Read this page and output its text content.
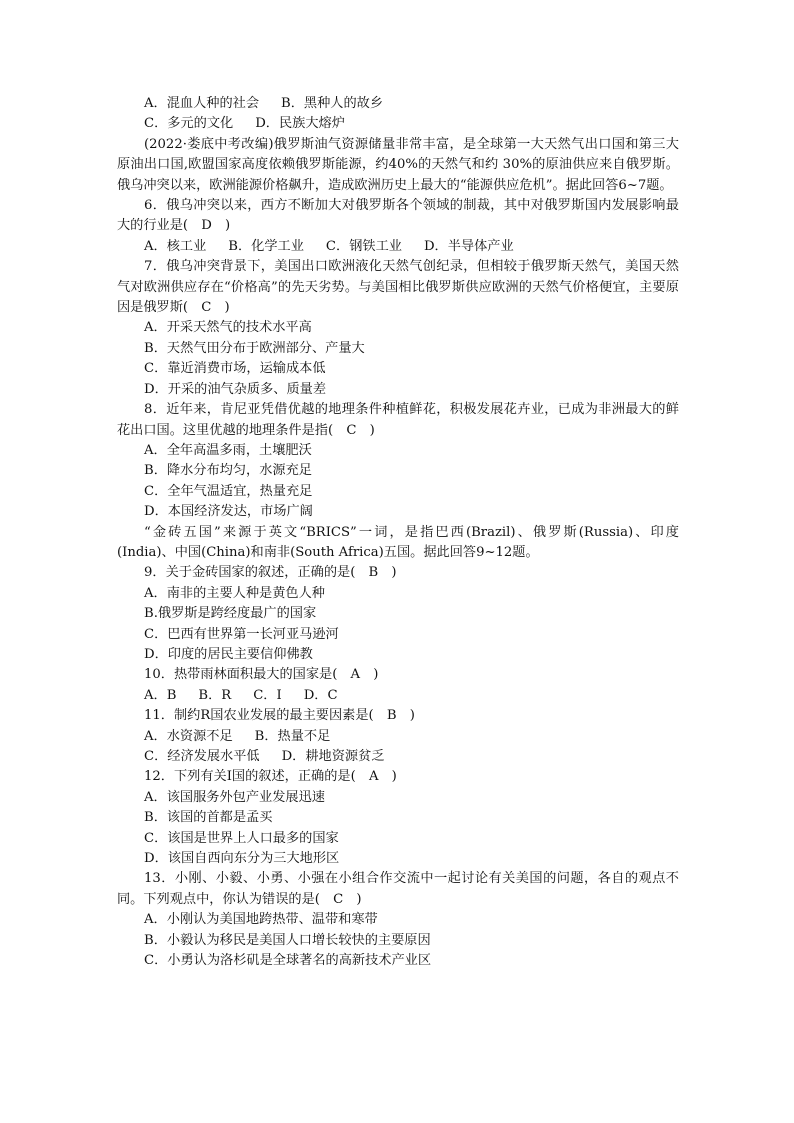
A．混血人种的社会 B．黑种人的故乡
C．多元的文化 D．民族大熔炉
(2022·娄底中考改编)俄罗斯油气资源储量非常丰富，是全球第一大天然气出口国和第三大原油出口国,欧盟国家高度依赖俄罗斯能源，约40%的天然气和约 30%的原油供应来自俄罗斯。俄乌冲突以来，欧洲能源价格飙升，造成欧洲历史上最大的“能源供应危机”。据此回答6~7题。
6．俄乌冲突以来，西方不断加大对俄罗斯各个领域的制裁，其中对俄罗斯国内发展影响最大的行业是(　D　)
A．核工业 B．化学工业 C．钢铁工业 D．半导体产业
7．俄乌冲突背景下，美国出口欧洲液化天然气创纪录，但相较于俄罗斯天然气，美国天然气对欧洲供应存在“价格高”的先天劣势。与美国相比俄罗斯供应欧洲的天然气价格便宜，主要原因是俄罗斯(　C　)
A．开采天然气的技术水平高
B．天然气田分布于欧洲部分、产量大
C．靠近消费市场，运输成本低
D．开采的油气杂质多、质量差
8．近年来，肯尼亚凭借优越的地理条件种植鲜花，积极发展花卉业，已成为非洲最大的鲜花出口国。这里优越的地理条件是指(　C　)
A．全年高温多雨，土壤肥沃
B．降水分布均匀，水源充足
C．全年气温适宜，热量充足
D．本国经济发达，市场广阔
“金砖五国”来源于英文“BRICS”一词，是指巴西(Brazil)、俄罗斯(Russia)、印度(India)、中国(China)和南非(South Africa)五国。据此回答9~12题。
9．关于金砖国家的叙述，正确的是(　B　)
A．南非的主要人种是黄色人种
B.俄罗斯是跨经度最广的国家
C．巴西有世界第一长河亚马逊河
D．印度的居民主要信仰佛教
10．热带雨林面积最大的国家是(　A　)
A．B B．R C．I D．C
11．制约R国农业发展的最主要因素是(　B　)
A．水资源不足 B．热量不足
C．经济发展水平低 D．耕地资源贫乏
12．下列有关I国的叙述，正确的是(　A　)
A．该国服务外包产业发展迅速
B．该国的首都是孟买
C．该国是世界上人口最多的国家
D．该国自西向东分为三大地形区
13．小刚、小毅、小勇、小强在小组合作交流中一起讨论有关美国的问题，各自的观点不同。下列观点中，你认为错误的是(　C　)
A．小刚认为美国地跨热带、温带和寒带
B．小毅认为移民是美国人口增长较快的主要原因
C．小勇认为洛杉矶是全球著名的高新技术产业区
